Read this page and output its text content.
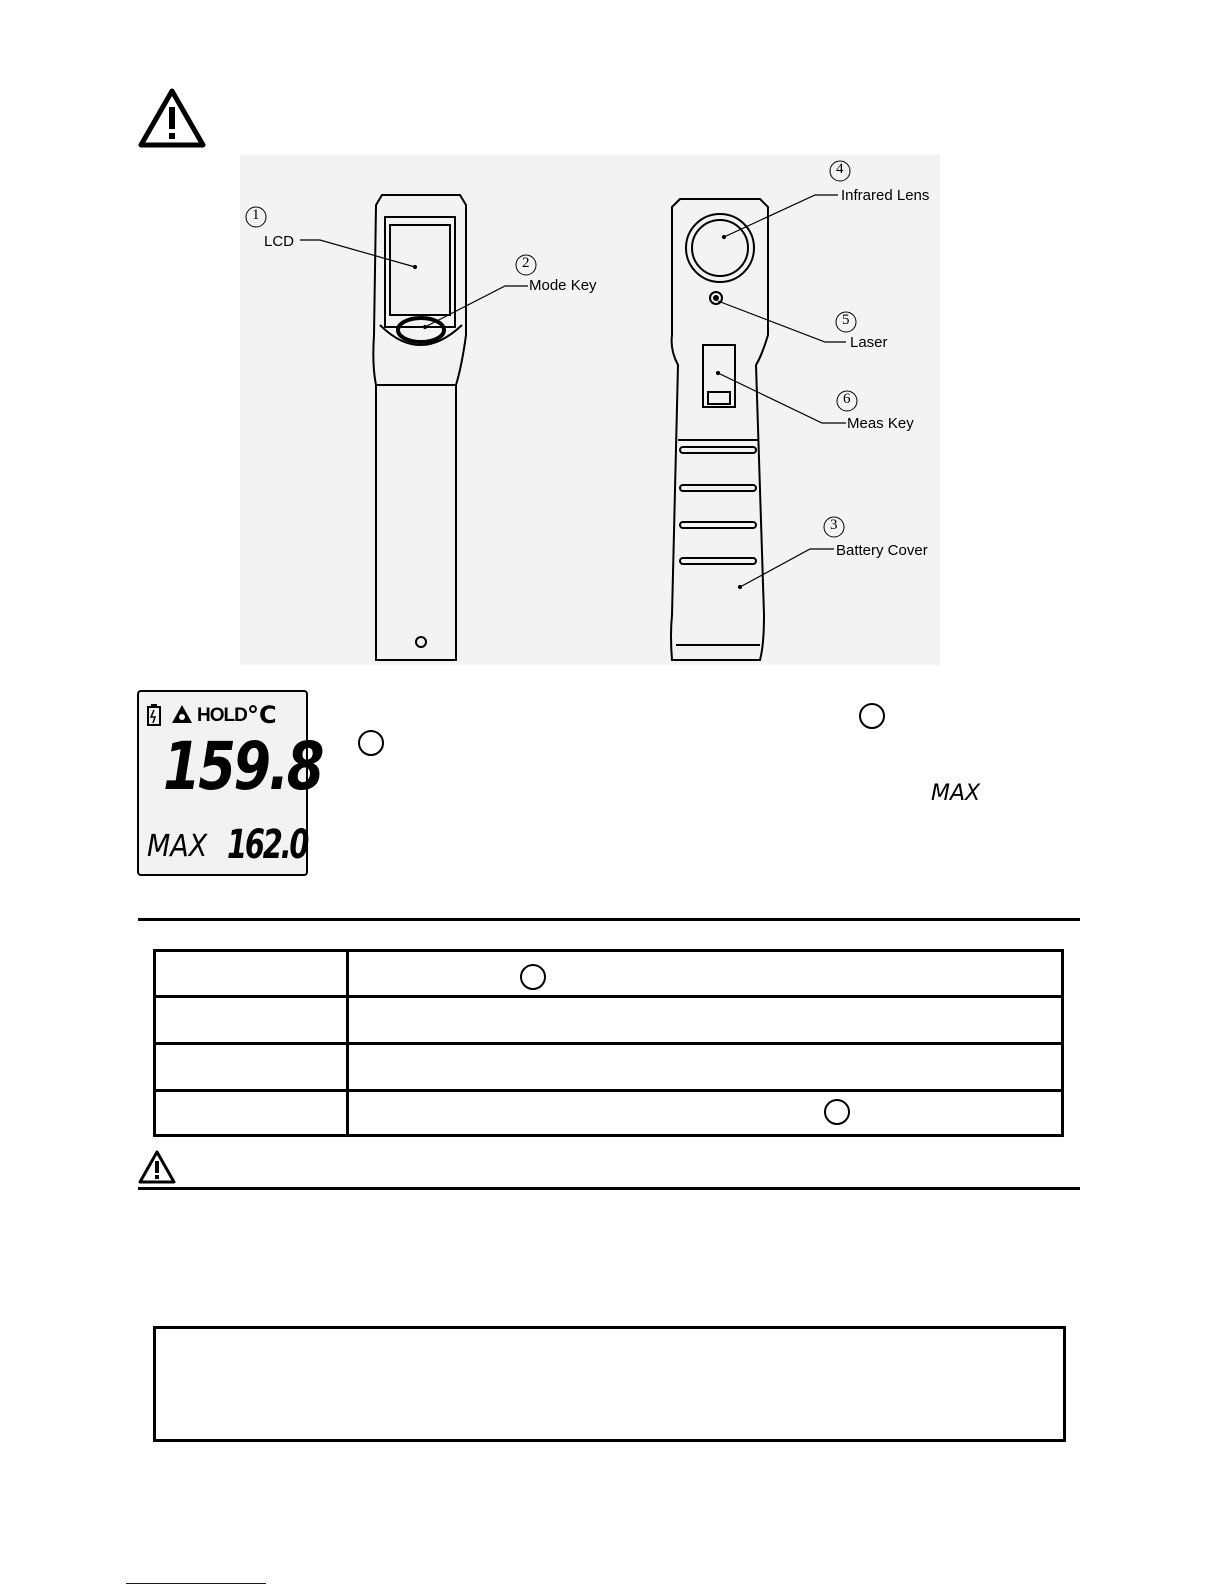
1
LCD
2
Mode Key
4
Infrared Lens
5
Laser
6
Meas Key
3
Battery Cover
HOLD °C
159.8
MAX 162.0
MAX
